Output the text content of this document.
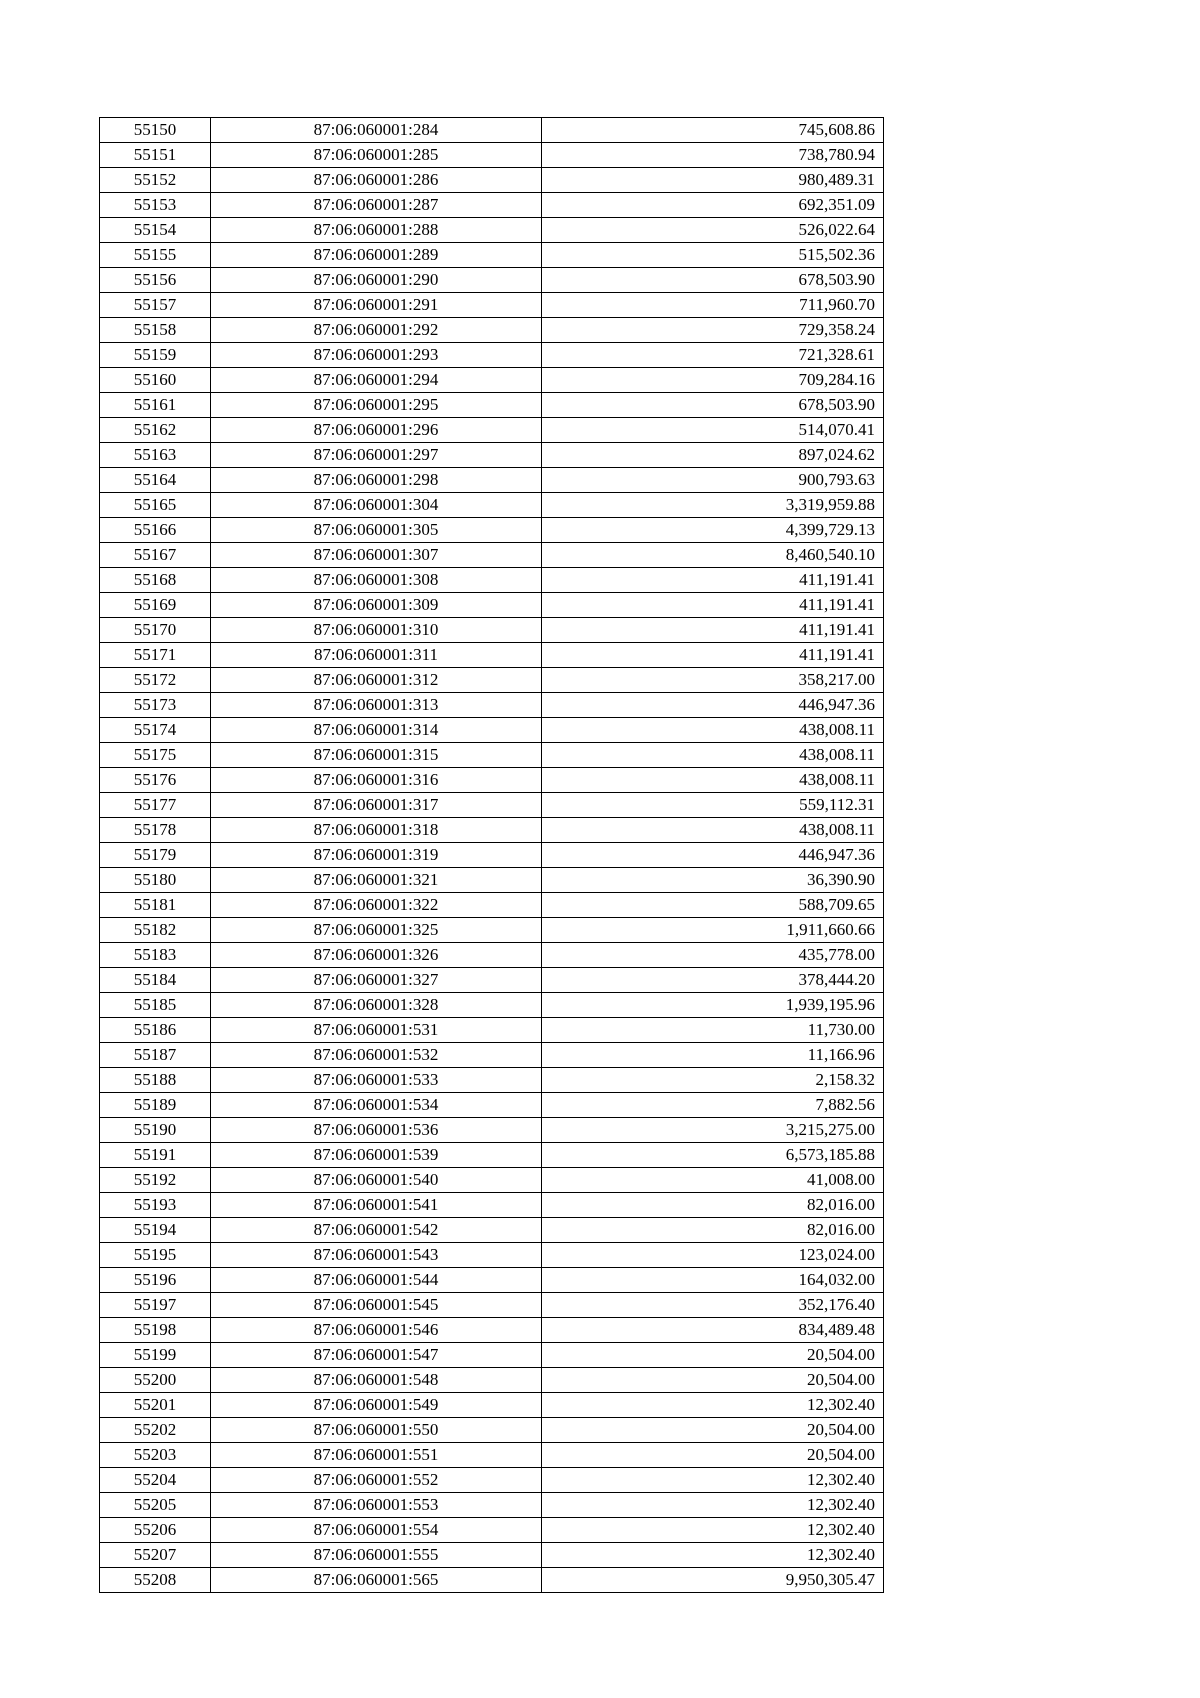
55150	87:06:060001:284	745,608.86
55151	87:06:060001:285	738,780.94
55152	87:06:060001:286	980,489.31
55153	87:06:060001:287	692,351.09
55154	87:06:060001:288	526,022.64
55155	87:06:060001:289	515,502.36
55156	87:06:060001:290	678,503.90
55157	87:06:060001:291	711,960.70
55158	87:06:060001:292	729,358.24
55159	87:06:060001:293	721,328.61
55160	87:06:060001:294	709,284.16
55161	87:06:060001:295	678,503.90
55162	87:06:060001:296	514,070.41
55163	87:06:060001:297	897,024.62
55164	87:06:060001:298	900,793.63
55165	87:06:060001:304	3,319,959.88
55166	87:06:060001:305	4,399,729.13
55167	87:06:060001:307	8,460,540.10
55168	87:06:060001:308	411,191.41
55169	87:06:060001:309	411,191.41
55170	87:06:060001:310	411,191.41
55171	87:06:060001:311	411,191.41
55172	87:06:060001:312	358,217.00
55173	87:06:060001:313	446,947.36
55174	87:06:060001:314	438,008.11
55175	87:06:060001:315	438,008.11
55176	87:06:060001:316	438,008.11
55177	87:06:060001:317	559,112.31
55178	87:06:060001:318	438,008.11
55179	87:06:060001:319	446,947.36
55180	87:06:060001:321	36,390.90
55181	87:06:060001:322	588,709.65
55182	87:06:060001:325	1,911,660.66
55183	87:06:060001:326	435,778.00
55184	87:06:060001:327	378,444.20
55185	87:06:060001:328	1,939,195.96
55186	87:06:060001:531	11,730.00
55187	87:06:060001:532	11,166.96
55188	87:06:060001:533	2,158.32
55189	87:06:060001:534	7,882.56
55190	87:06:060001:536	3,215,275.00
55191	87:06:060001:539	6,573,185.88
55192	87:06:060001:540	41,008.00
55193	87:06:060001:541	82,016.00
55194	87:06:060001:542	82,016.00
55195	87:06:060001:543	123,024.00
55196	87:06:060001:544	164,032.00
55197	87:06:060001:545	352,176.40
55198	87:06:060001:546	834,489.48
55199	87:06:060001:547	20,504.00
55200	87:06:060001:548	20,504.00
55201	87:06:060001:549	12,302.40
55202	87:06:060001:550	20,504.00
55203	87:06:060001:551	20,504.00
55204	87:06:060001:552	12,302.40
55205	87:06:060001:553	12,302.40
55206	87:06:060001:554	12,302.40
55207	87:06:060001:555	12,302.40
55208	87:06:060001:565	9,950,305.47
